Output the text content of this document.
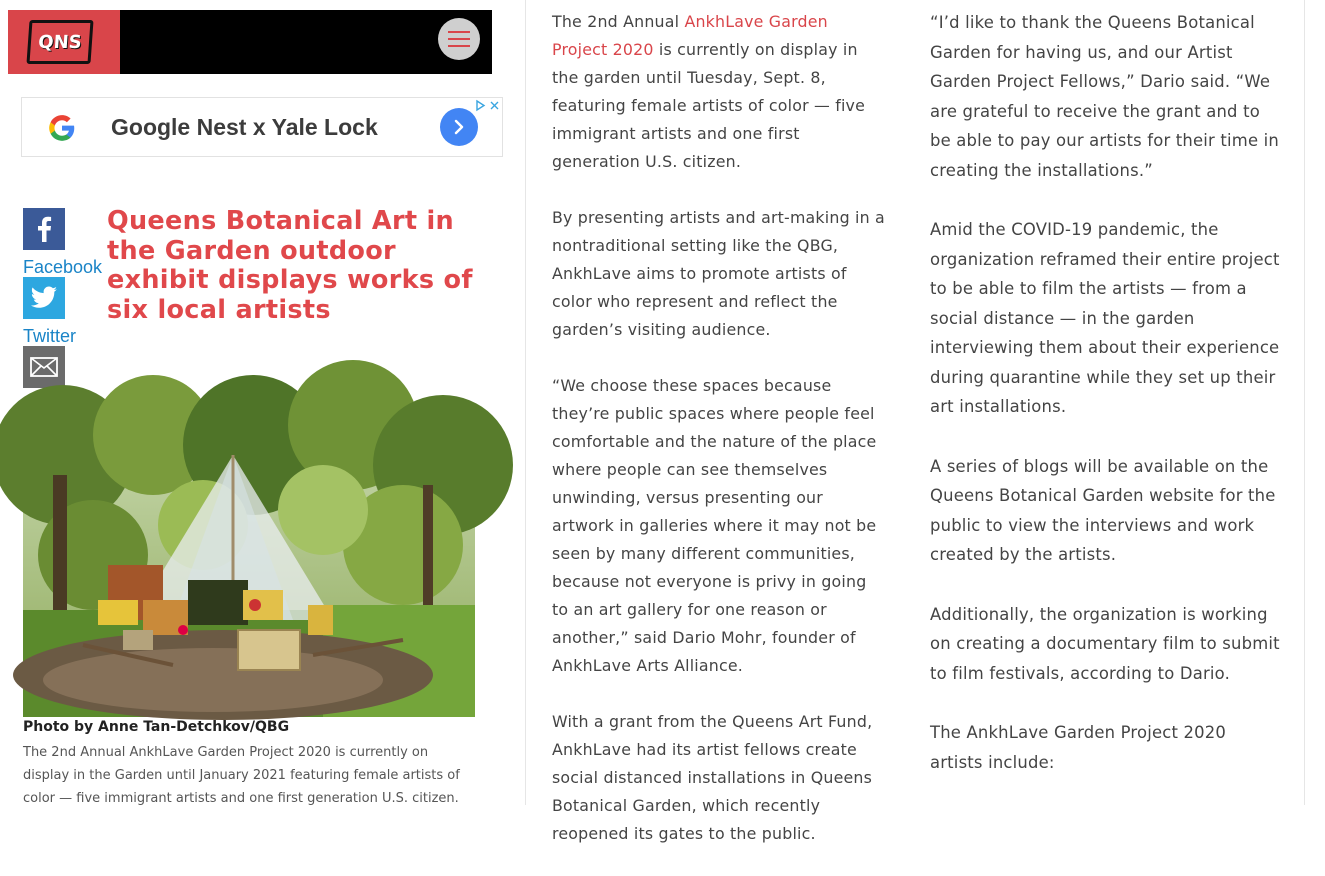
QNS
Google Nest x Yale Lock
Facebook
Twitter
Queens Botanical Art in the Garden outdoor exhibit displays works of six local artists
Photo by Anne Tan-Detchkov/QBG
The 2nd Annual AnkhLave Garden Project 2020 is currently on display in the Garden until January 2021 featuring female artists of color — five immigrant artists and one first generation U.S. citizen.

The 2nd Annual AnkhLave Garden Project 2020 is currently on display in the garden until Tuesday, Sept. 8, featuring female artists of color — five immigrant artists and one first generation U.S. citizen.

By presenting artists and art-making in a nontraditional setting like the QBG, AnkhLave aims to promote artists of color who represent and reflect the garden’s visiting audience.

“We choose these spaces because they’re public spaces where people feel comfortable and the nature of the place where people can see themselves unwinding, versus presenting our artwork in galleries where it may not be seen by many different communities, because not everyone is privy in going to an art gallery for one reason or another,” said Dario Mohr, founder of AnkhLave Arts Alliance.

With a grant from the Queens Art Fund, AnkhLave had its artist fellows create social distanced installations in Queens Botanical Garden, which recently reopened its gates to the public.

“I’d like to thank the Queens Botanical Garden for having us, and our Artist Garden Project Fellows,” Dario said. “We are grateful to receive the grant and to be able to pay our artists for their time in creating the installations.”

Amid the COVID-19 pandemic, the organization reframed their entire project to be able to film the artists — from a social distance — in the garden interviewing them about their experience during quarantine while they set up their art installations.

A series of blogs will be available on the Queens Botanical Garden website for the public to view the interviews and work created by the artists.

Additionally, the organization is working on creating a documentary film to submit to film festivals, according to Dario.

The AnkhLave Garden Project 2020 artists include:
